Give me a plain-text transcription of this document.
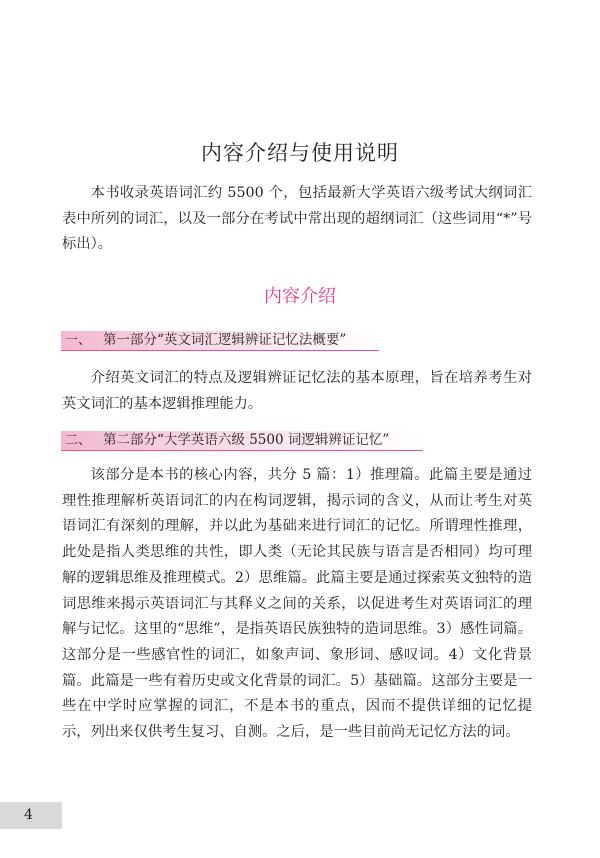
内容介绍与使用说明

本书收录英语词汇约 5500 个，包括最新大学英语六级考试大纲词汇表中所列的词汇，以及一部分在考试中常出现的超纲词汇（这些词用“*”号标出）。

内容介绍
一、 第一部分“英文词汇逻辑辨证记忆法概要”

介绍英文词汇的特点及逻辑辨证记忆法的基本原理，旨在培养考生对英文词汇的基本逻辑推理能力。

二、 第二部分“大学英语六级 5500 词逻辑辨证记忆”

该部分是本书的核心内容，共分 5 篇：1）推理篇。此篇主要是通过理性推理解析英语词汇的内在构词逻辑，揭示词的含义，从而让考生对英语词汇有深刻的理解，并以此为基础来进行词汇的记忆。所谓理性推理，此处是指人类思维的共性，即人类（无论其民族与语言是否相同）均可理解的逻辑思维及推理模式。2）思维篇。此篇主要是通过探索英文独特的造词思维来揭示英语词汇与其释义之间的关系，以促进考生对英语词汇的理解与记忆。这里的“思维”，是指英语民族独特的造词思维。3）感性词篇。这部分是一些感官性的词汇，如象声词、象形词、感叹词。4）文化背景篇。此篇是一些有着历史或文化背景的词汇。5）基础篇。这部分主要是一些在中学时应掌握的词汇，不是本书的重点，因而不提供详细的记忆提示，列出来仅供考生复习、自测。之后，是一些目前尚无记忆方法的词。

4
